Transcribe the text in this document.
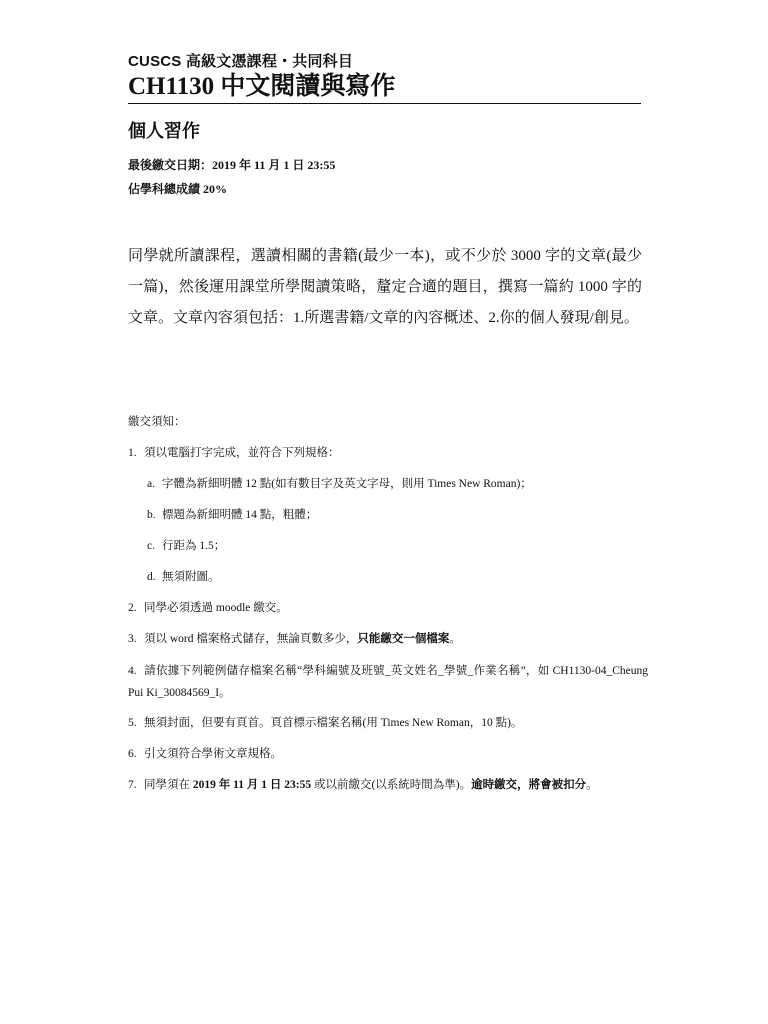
CUSCS 高級文憑課程・共同科目
CH1130 中文閱讀與寫作
個人習作
最後繳交日期：2019 年 11 月 1 日 23:55
佔學科總成績 20%

同學就所讀課程，選讀相關的書籍(最少一本)，或不少於 3000 字的文章(最少一篇)，然後運用課堂所學閱讀策略，釐定合適的題目，撰寫一篇約 1000 字的文章。文章內容須包括：1.所選書籍/文章的內容概述、2.你的個人發現/創見。

繳交須知：
1. 須以電腦打字完成，並符合下列規格：
a. 字體為新細明體 12 點(如有數目字及英文字母，則用 Times New Roman)；
b. 標題為新細明體 14 點，粗體；
c. 行距為 1.5；
d. 無須附圖。
2. 同學必須透過 moodle 繳交。
3. 須以 word 檔案格式儲存，無論頁數多少，只能繳交一個檔案。
4. 請依據下列範例儲存檔案名稱“學科編號及班號_英文姓名_學號_作業名稱”，如 CH1130-04_Cheung Pui Ki_30084569_I。
5. 無須封面，但要有頁首。頁首標示檔案名稱(用 Times New Roman，10 點)。
6. 引文須符合學術文章規格。
7. 同學須在 2019 年 11 月 1 日 23:55 或以前繳交(以系統時間為準)。逾時繳交，將會被扣分。
